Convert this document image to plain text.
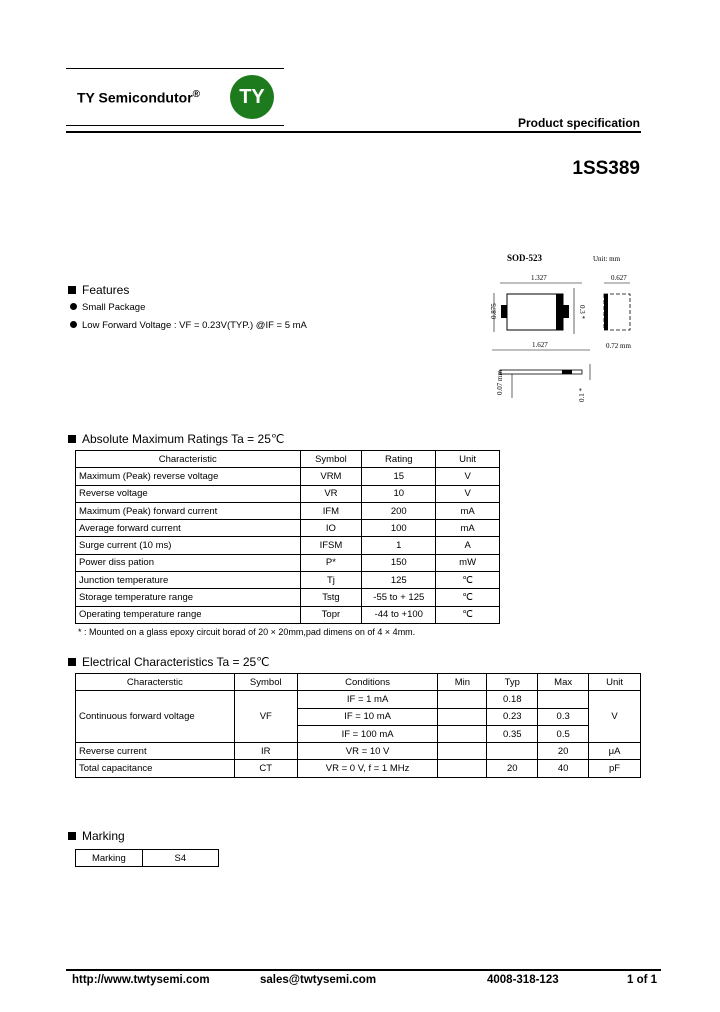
TY Semicondutor®	TY
Product specification
1SS389
SOD-523	Unit: mm
1.327
0.875	0.3 *
1.627
0.627
0.72 mm
0.07 mm	0.1 *
Features
Small Package
Low Forward Voltage : VF = 0.23V(TYP.) @IF = 5 mA
Absolute Maximum Ratings Ta = 25℃
Characteristic	Symbol	Rating	Unit
Maximum (Peak) reverse voltage	VRM	15	V
Reverse voltage	VR	10	V
Maximum (Peak) forward current	IFM	200	mA
Average forward current	IO	100	mA
Surge current (10 ms)	IFSM	1	A
Power diss pation	P*	150	mW
Junction temperature	Tj	125	℃
Storage temperature range	Tstg	-55 to + 125	℃
Operating temperature range	Topr	-44 to +100	℃
* : Mounted on a glass epoxy circuit borad of 20 × 20mm,pad dimens on of 4 × 4mm.
Electrical Characteristics Ta = 25℃
Characterstic	Symbol	Conditions	Min	Typ	Max	Unit
Continuous forward voltage	VF	IF = 1 mA		0.18		V
		IF = 10 mA		0.23	0.3	
		IF = 100 mA		0.35	0.5	
Reverse current	IR	VR = 10 V			20	μA
Total capacitance	CT	VR = 0 V, f = 1 MHz		20	40	pF
Marking
Marking	S4
http://www.twtysemi.com	sales@twtysemi.com	4008-318-123	1 of 1
